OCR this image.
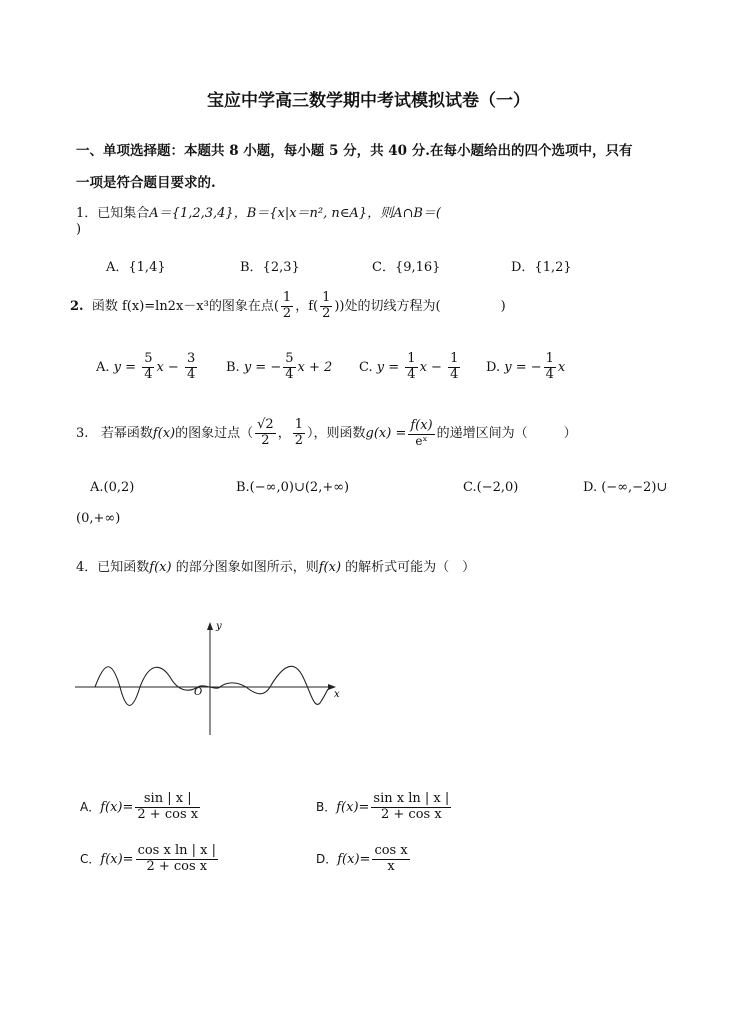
宝应中学高三数学期中考试模拟试卷（一）
一、单项选择题：本题共 8 小题，每小题 5 分，共 40 分.在每小题给出的四个选项中，只有
一项是符合题目要求的.
1．已知集合A＝{1,2,3,4}，B＝{x|x＝n², n∈A}，则A∩B＝(
)
A．{1,4}	B．{2,3}	C．{9,16}	D．{1,2}
2. 函数 f(x)=ln2x－x³的图象在点( $\frac{1}{2}$ ，$f( \frac{1}{2}$ ))处的切线方程为(	)
A. $y = \frac{5}{4}$ $x - \frac{3}{4} B$. y = − $\frac{5}{4}$ x + 2 C. $y = \frac{1}{4}$ $x - \frac{1}{4} D$. y = − $\frac{1}{4}$ x
3. 若幂函数f(x)的图象过点（ $\frac{√2}{2}$ ， $\frac{1}{2}$ ），则函数$g(x) = \frac{f(x)}{\text{eˣ}}$ 的递增区间为（	）
A.(0,2)	B.(−∞,0)∪(2,+∞)	C.(−2,0)	D. (−∞,−2)∪
(0,+∞)
4．已知函数f(x) 的部分图象如图所示，则f(x) 的解析式可能为（　）
y
x
O
A．$f(x)= \frac{\sin | x |}{\text{2 + cos x}}$	B．$f(x)= \frac{\text{sin x ln | x |}}{\text{2 + cos x}}$
C．$f(x)= \frac{\text{cos x ln | x |}}{\text{2 + cos x}}$	D．$f(x)= \frac{\text{cos x}}{x}$
